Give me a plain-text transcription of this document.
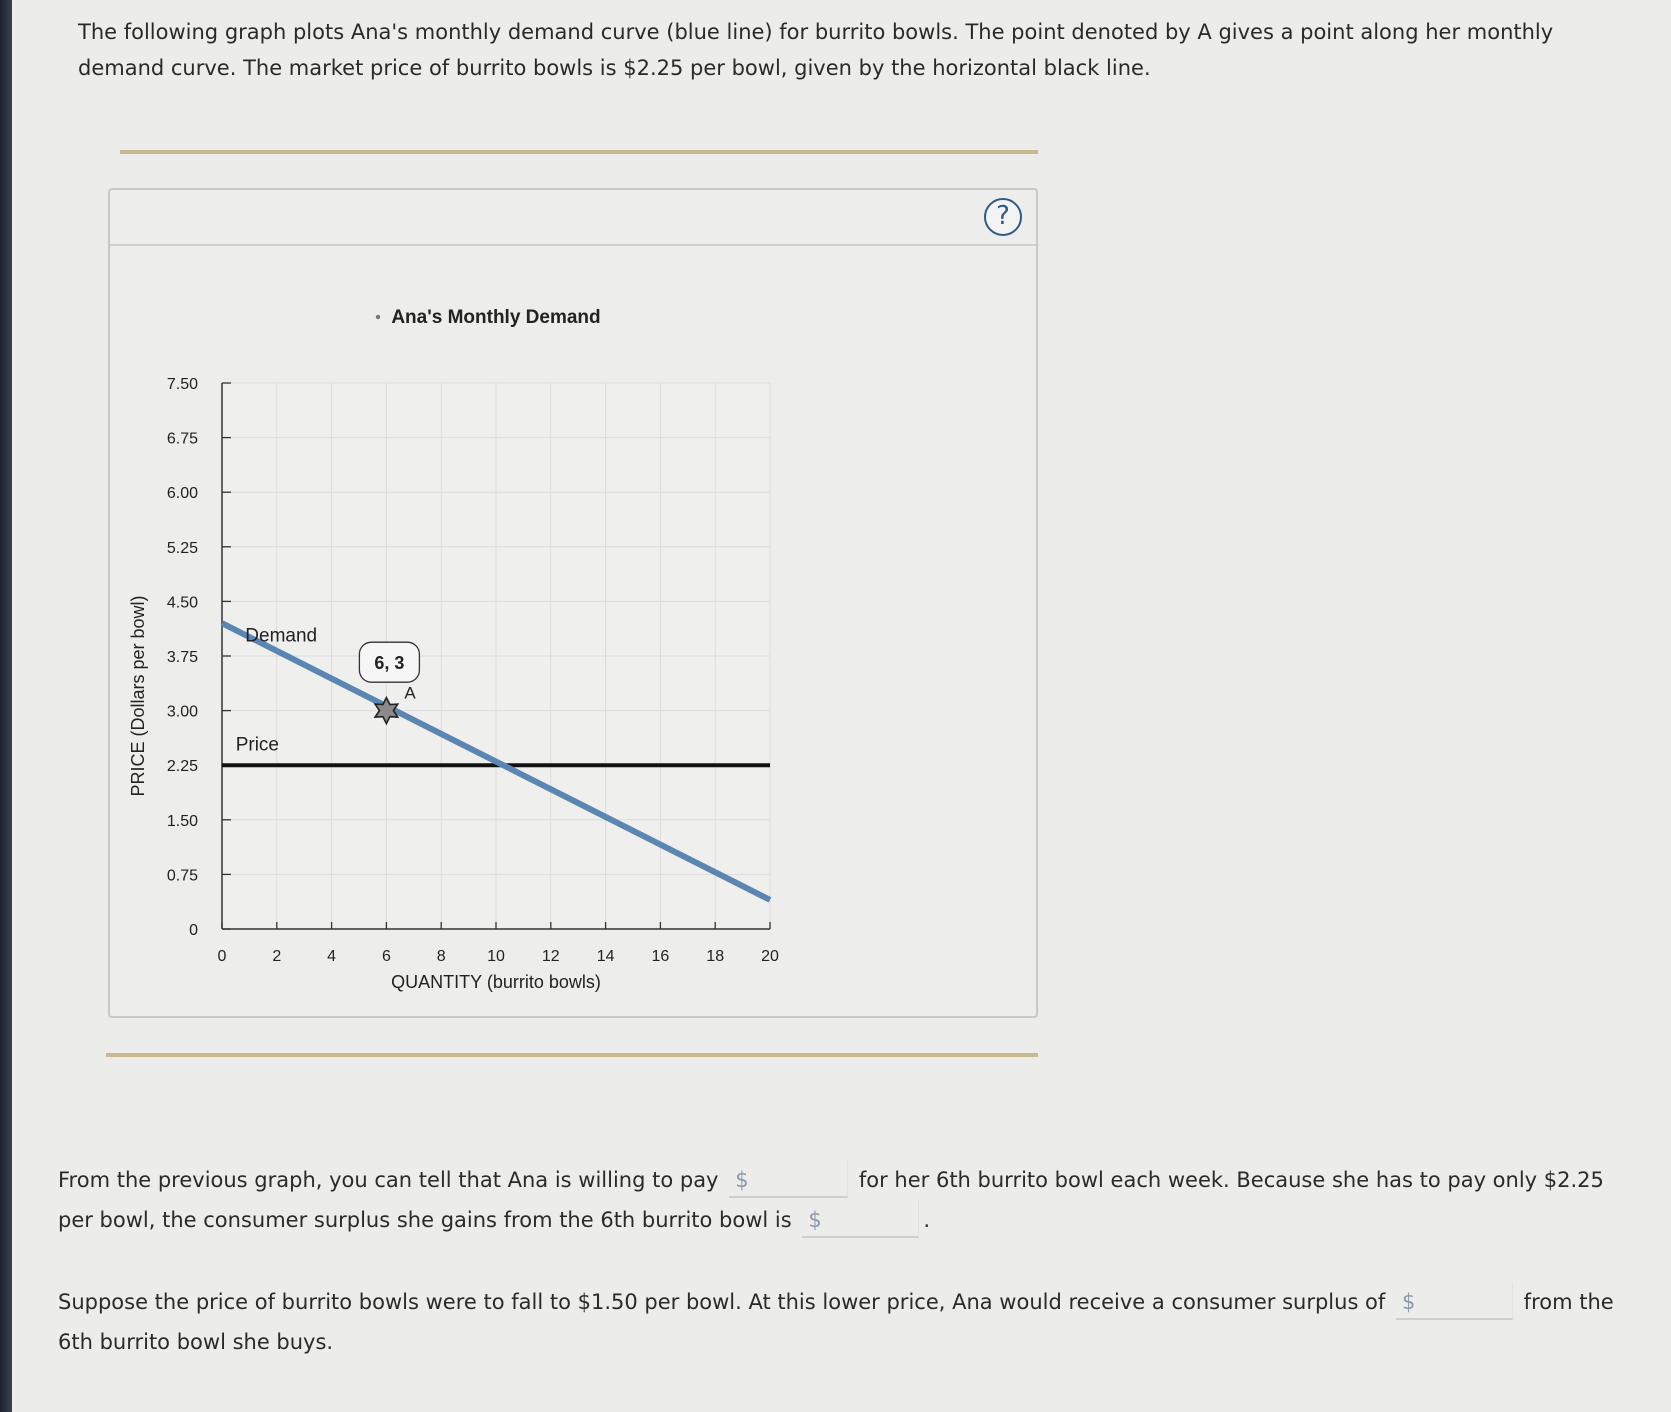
The following graph plots Ana's monthly demand curve (blue line) for burrito bowls. The point denoted by A gives a point along her monthly demand curve. The market price of burrito bowls is $2.25 per bowl, given by the horizontal black line.
?
0	2	4	6	8	10 12 14 16 18 20
0
0.75
1.50
2.25
3.00
3.75
4.50
5.25
6.00
6.75
7.50
Ana's Monthly Demand
QUANTITY (burrito bowls)
PRICE (Dollars per bowl)	Demand
Price
A
6, 3
From the previous graph, you can tell that Ana is willing to pay $	for her 6th burrito bowl each week. Because she has to pay only $2.25 per bowl, the consumer surplus she gains from the 6th burrito bowl is $	.
Suppose the price of burrito bowls were to fall to $1.50 per bowl. At this lower price, Ana would receive a consumer surplus of $	from the 6th burrito bowl she buys.
